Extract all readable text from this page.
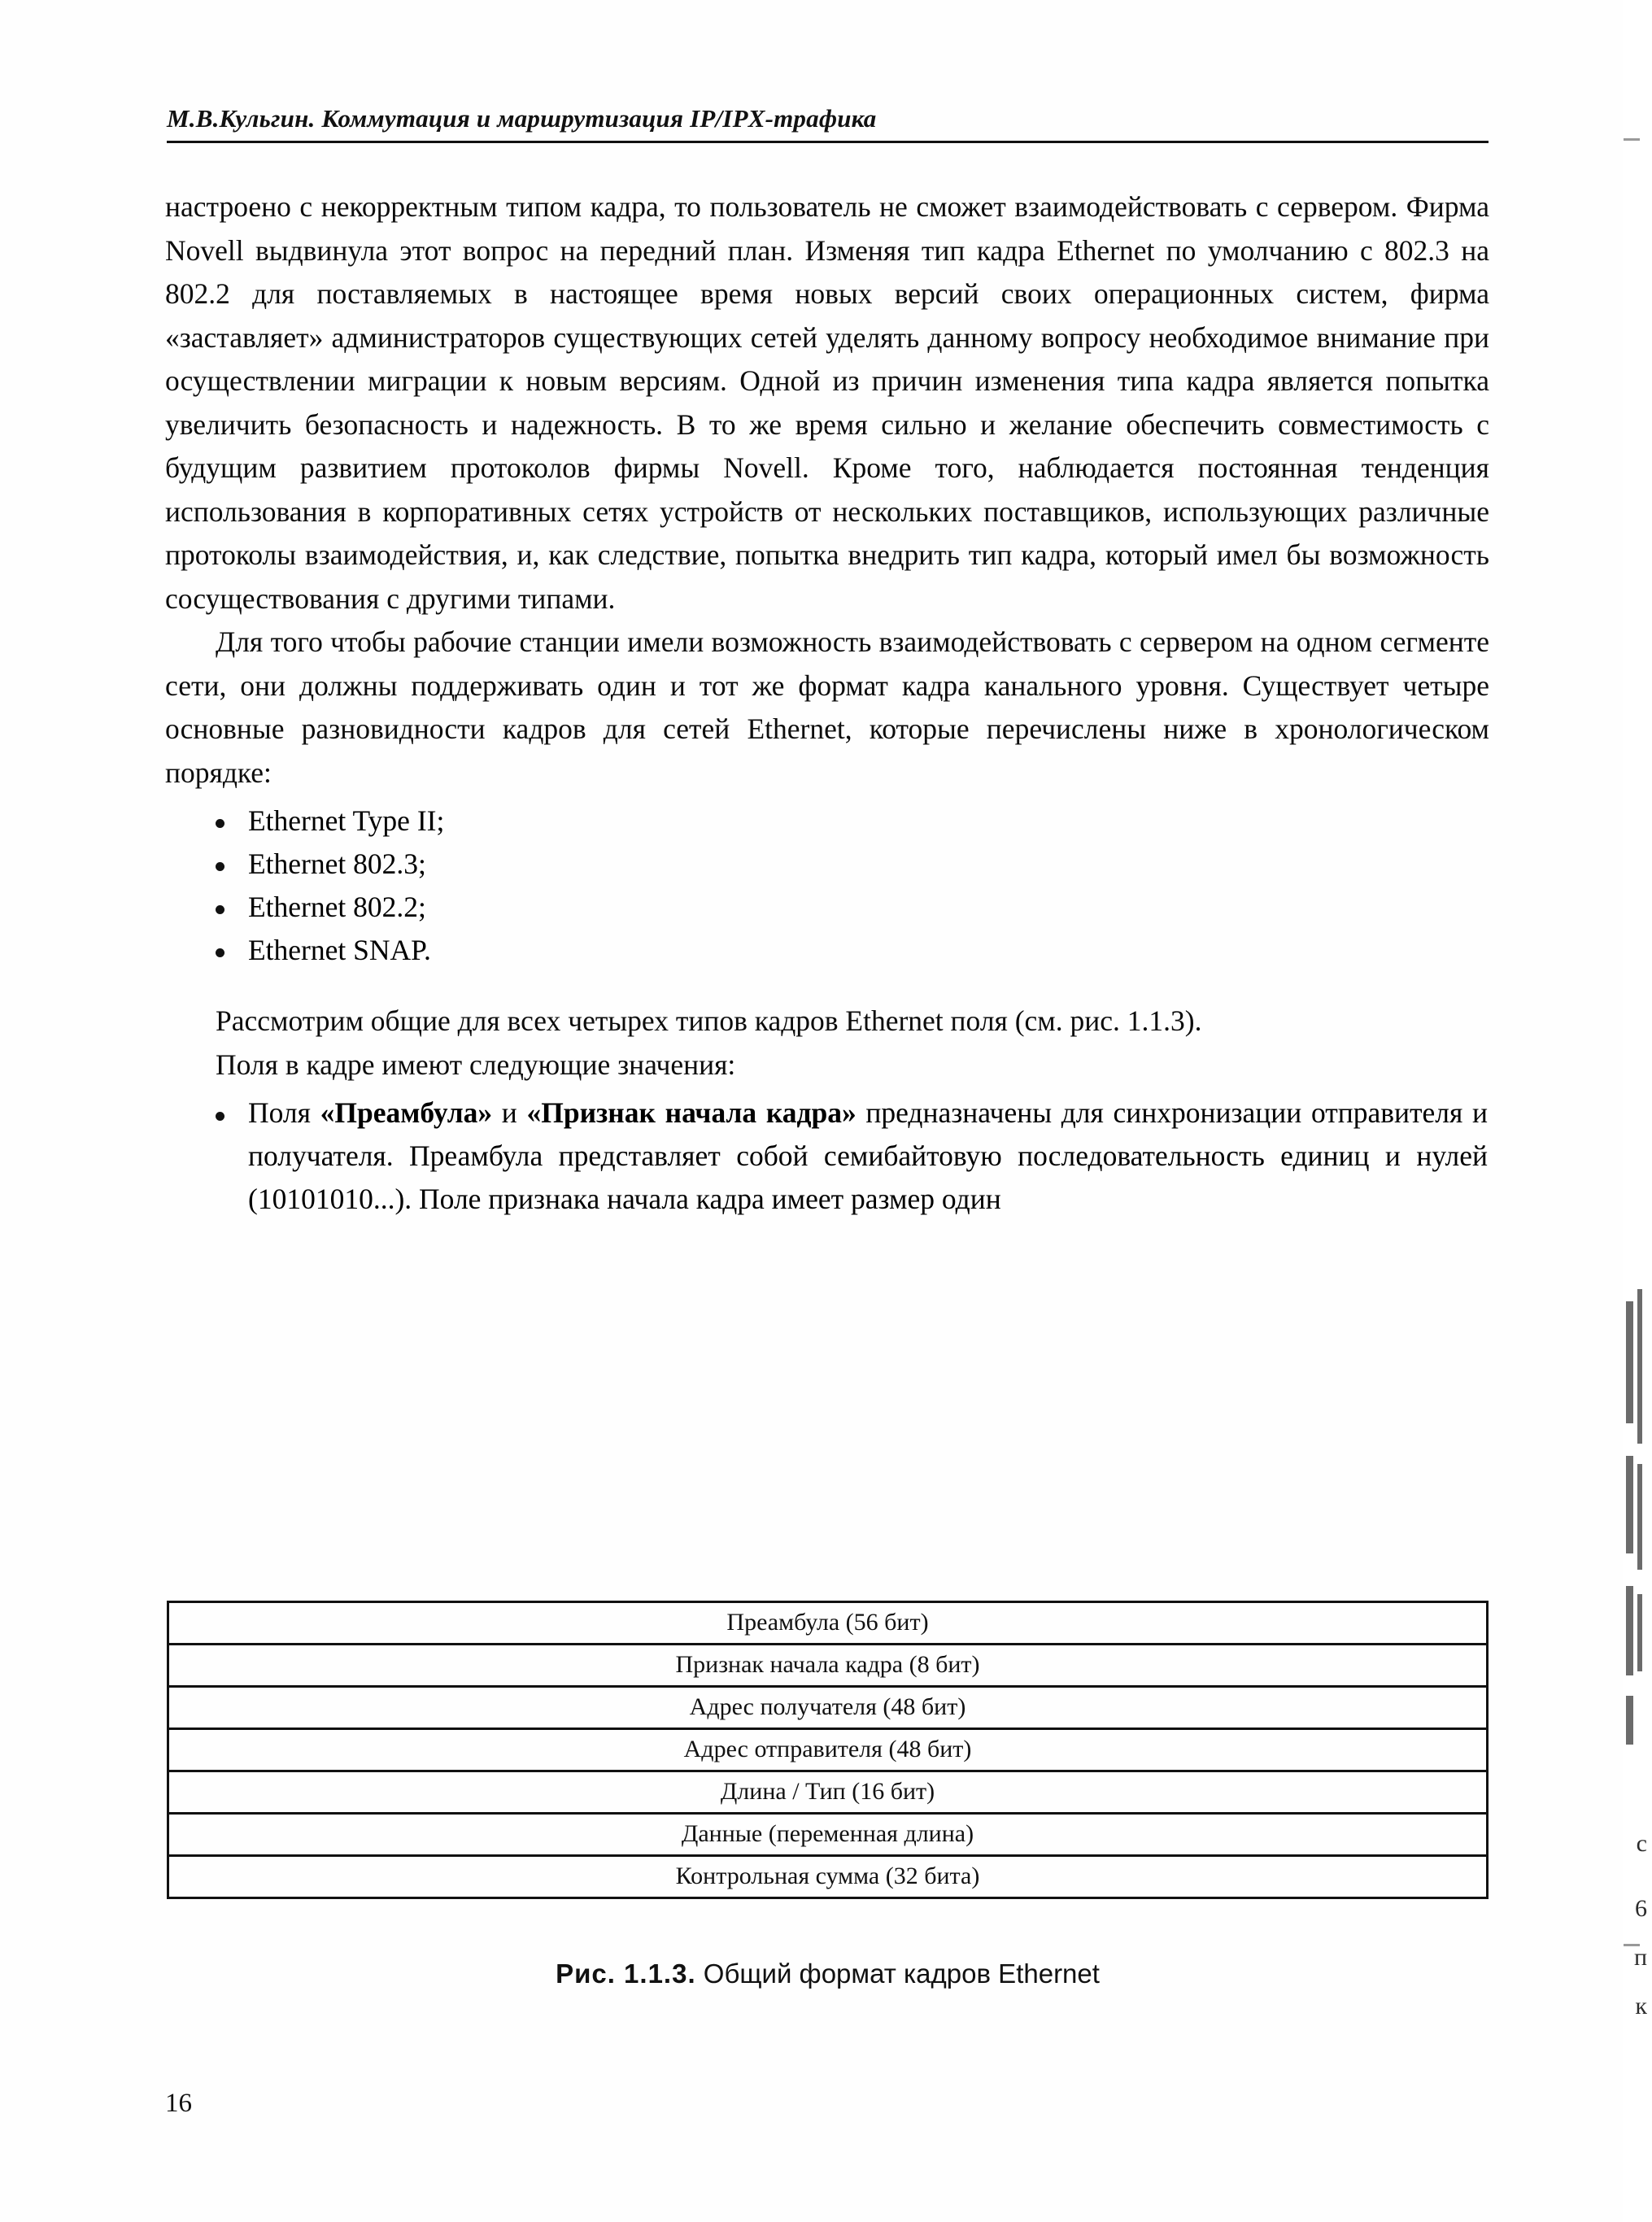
М.В.Кульгин. Коммутация и маршрутизация IP/IPX-трафика

настроено с некорректным типом кадра, то пользователь не сможет взаимодействовать с сервером. Фирма Novell выдвинула этот вопрос на передний план. Изменяя тип кадра Ethernet по умолчанию с 802.3 на 802.2 для поставляемых в настоящее время новых версий своих операционных систем, фирма «заставляет» администраторов существующих сетей уделять данному вопросу необходимое внимание при осуществлении миграции к новым версиям. Одной из причин изменения типа кадра является попытка увеличить безопасность и надежность. В то же время сильно и желание обеспечить совместимость с будущим развитием протоколов фирмы Novell. Кроме того, наблюдается постоянная тенденция использования в корпоративных сетях устройств от нескольких поставщиков, использующих различные протоколы взаимодействия, и, как следствие, попытка внедрить тип кадра, который имел бы возможность сосуществования с другими типами.

Для того чтобы рабочие станции имели возможность взаимодействовать с сервером на одном сегменте сети, они должны поддерживать один и тот же формат кадра канального уровня. Существует четыре основные разновидности кадров для сетей Ethernet, которые перечислены ниже в хронологическом порядке:

Ethernet Type II;
Ethernet 802.3;
Ethernet 802.2;
Ethernet SNAP.

Рассмотрим общие для всех четырех типов кадров Ethernet поля (см. рис. 1.1.3).

Поля в кадре имеют следующие значения:

Поля «Преамбула» и «Признак начала кадра» предназначены для синхронизации отправителя и получателя. Преамбула представляет собой семибайтовую последовательность единиц и нулей (10101010...). Поле признака начала кадра имеет размер один
Преамбула (56 бит)
Признак начала кадра (8 бит)
Адрес получателя (48 бит)
Адрес отправителя (48 бит)
Длина / Тип (16 бит)
Данные (переменная длина)
Контрольная сумма (32 бита)
Рис. 1.1.3. Общий формат кадров Ethernet
16
с
6
п
к
